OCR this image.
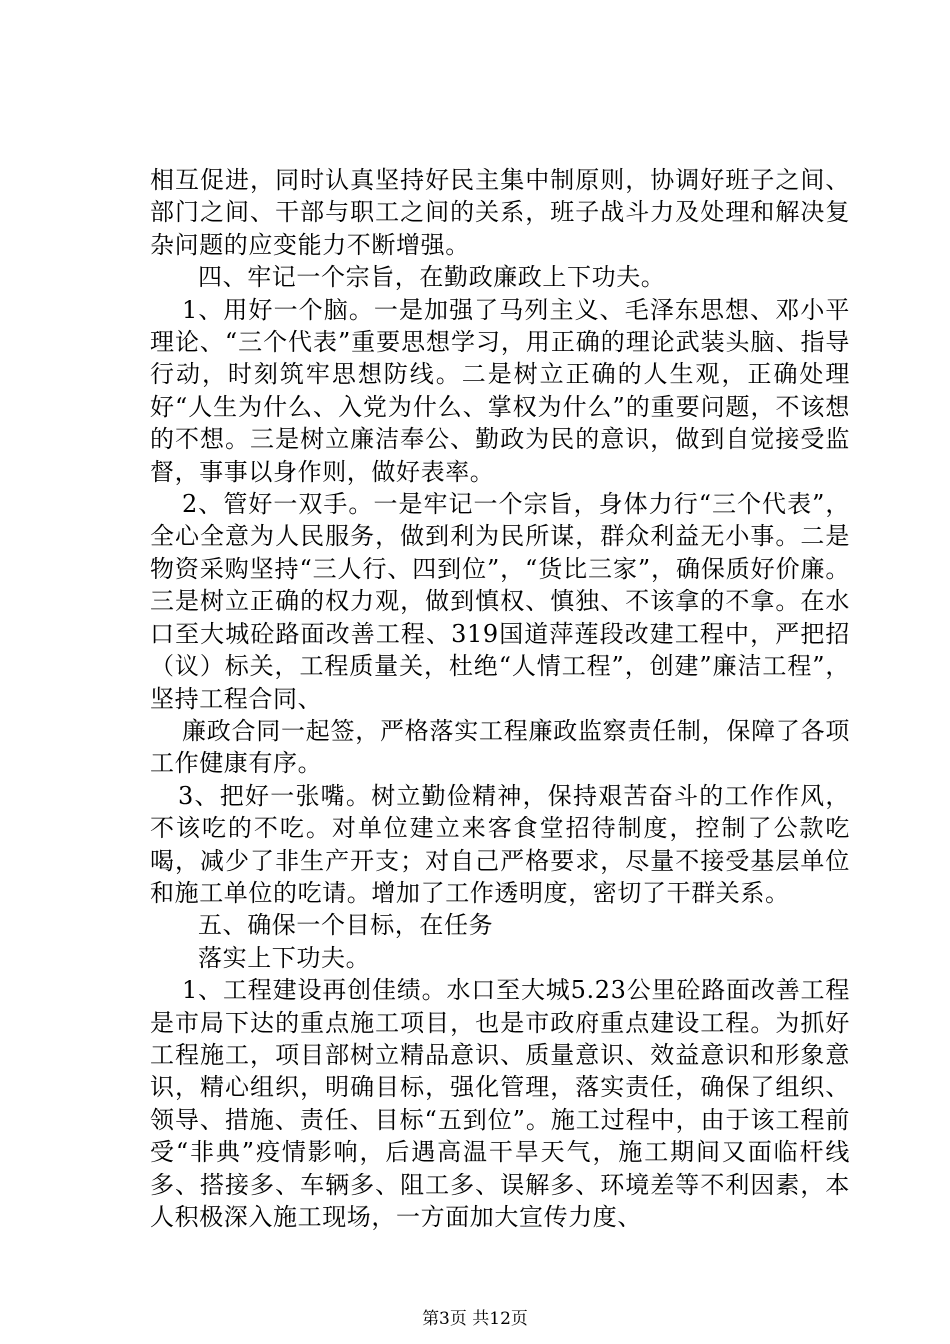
相互促进，同时认真坚持好民主集中制原则，协调好班子之间、部门之间、干部与职工之间的关系，班子战斗力及处理和解决复杂问题的应变能力不断增强。

四、牢记一个宗旨，在勤政廉政上下功夫。

1、用好一个脑。一是加强了马列主义、毛泽东思想、邓小平理论、“三个代表”重要思想学习，用正确的理论武装头脑、指导行动，时刻筑牢思想防线。二是树立正确的人生观，正确处理好“人生为什么、入党为什么、掌权为什么”的重要问题，不该想的不想。三是树立廉洁奉公、勤政为民的意识，做到自觉接受监督，事事以身作则，做好表率。

2、管好一双手。一是牢记一个宗旨，身体力行“三个代表”，全心全意为人民服务，做到利为民所谋，群众利益无小事。二是物资采购坚持“三人行、四到位”，“货比三家”，确保质好价廉。三是树立正确的权力观，做到慎权、慎独、不该拿的不拿。在水口至大城砼路面改善工程、319国道萍莲段改建工程中，严把招（议）标关，工程质量关，杜绝“人情工程”，创建”廉洁工程”，坚持工程合同、

廉政合同一起签，严格落实工程廉政监察责任制，保障了各项工作健康有序。

3、把好一张嘴。树立勤俭精神，保持艰苦奋斗的工作作风，不该吃的不吃。对单位建立来客食堂招待制度，控制了公款吃喝，减少了非生产开支；对自己严格要求，尽量不接受基层单位和施工单位的吃请。增加了工作透明度，密切了干群关系。

五、确保一个目标，在任务

落实上下功夫。

1、工程建设再创佳绩。水口至大城5.23公里砼路面改善工程是市局下达的重点施工项目，也是市政府重点建设工程。为抓好工程施工，项目部树立精品意识、质量意识、效益意识和形象意识，精心组织，明确目标，强化管理，落实责任，确保了组织、领导、措施、责任、目标“五到位”。施工过程中，由于该工程前受“非典”疫情影响，后遇高温干旱天气，施工期间又面临杆线多、搭接多、车辆多、阻工多、误解多、环境差等不利因素，本人积极深入施工现场，一方面加大宣传力度、

第3页 共12页
